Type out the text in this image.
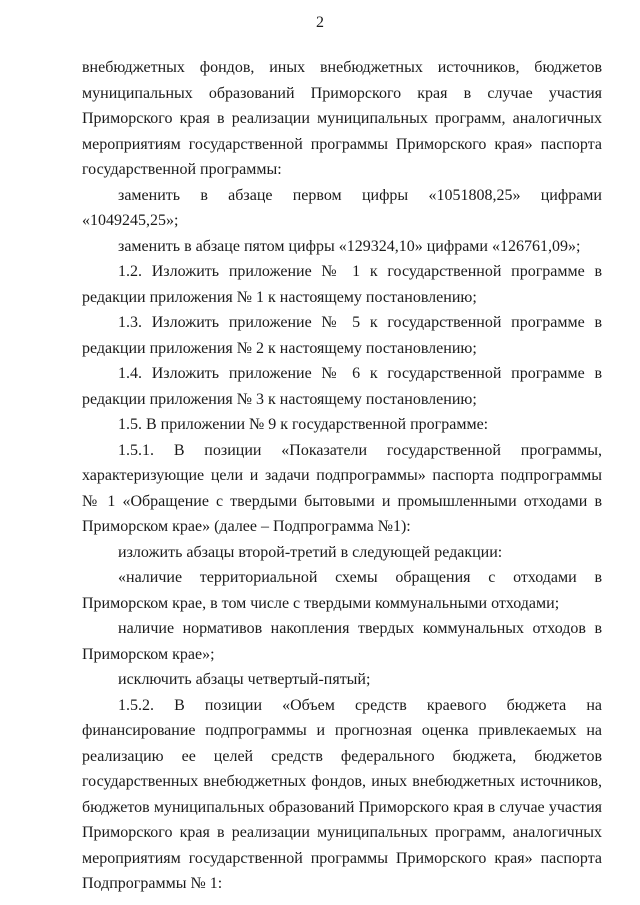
2

внебюджетных фондов, иных внебюджетных источников, бюджетов муниципальных образований Приморского края в случае участия Приморского края в реализации муниципальных программ, аналогичных мероприятиям государственной программы Приморского края» паспорта государственной программы:

заменить в абзаце первом цифры «1051808,25» цифрами «1049245,25»;

заменить в абзаце пятом цифры «129324,10» цифрами «126761,09»;

1.2. Изложить приложение № 1 к государственной программе в редакции приложения № 1 к настоящему постановлению;

1.3. Изложить приложение № 5 к государственной программе в редакции приложения № 2 к настоящему постановлению;

1.4. Изложить приложение № 6 к государственной программе в редакции приложения № 3 к настоящему постановлению;

1.5. В приложении № 9 к государственной программе:

1.5.1. В позиции «Показатели государственной программы, характеризующие цели и задачи подпрограммы» паспорта подпрограммы № 1 «Обращение с твердыми бытовыми и промышленными отходами в Приморском крае» (далее – Подпрограмма №1):

изложить абзацы второй-третий в следующей редакции:

«наличие территориальной схемы обращения с отходами в Приморском крае, в том числе с твердыми коммунальными отходами;

наличие нормативов накопления твердых коммунальных отходов в Приморском крае»;

исключить абзацы четвертый-пятый;

1.5.2. В позиции «Объем средств краевого бюджета на финансирование подпрограммы и прогнозная оценка привлекаемых на реализацию ее целей средств федерального бюджета, бюджетов государственных внебюджетных фондов, иных внебюджетных источников, бюджетов муниципальных образований Приморского края в случае участия Приморского края в реализации муниципальных программ, аналогичных мероприятиям государственной программы Приморского края» паспорта Подпрограммы № 1:
